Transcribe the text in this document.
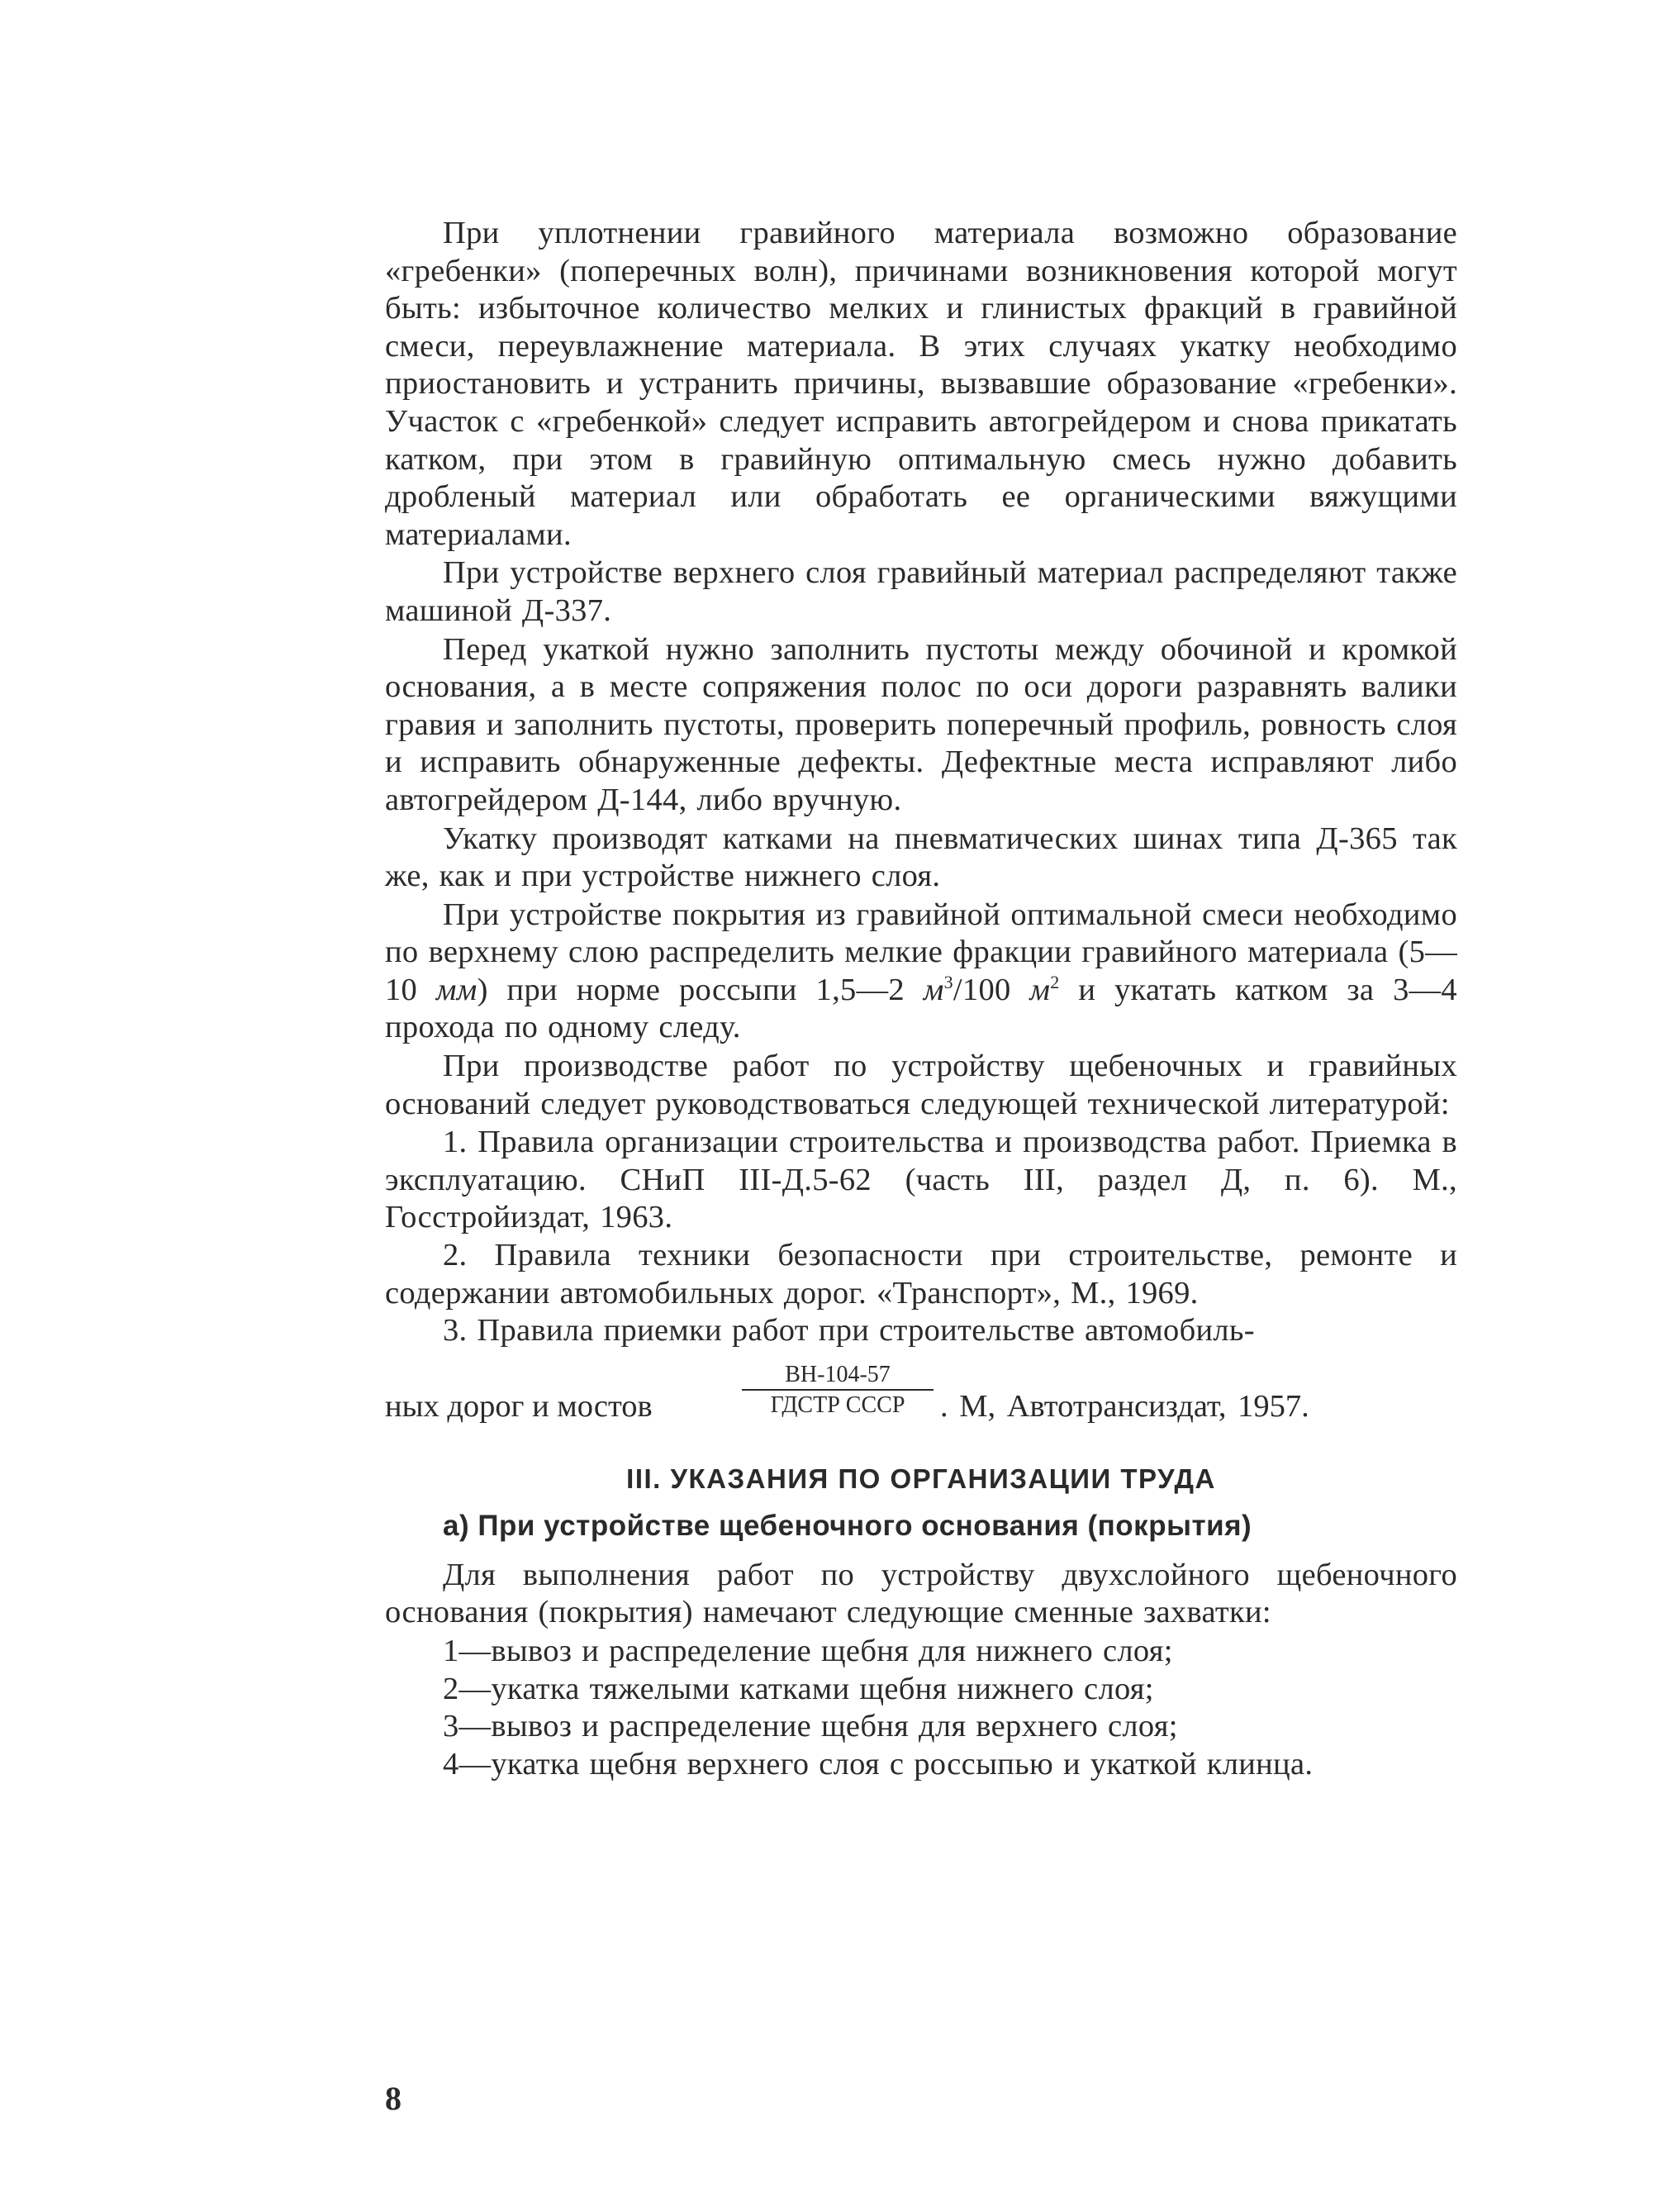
При уплотнении гравийного материала возможно образование «гребенки» (поперечных волн), причинами возникновения которой могут быть: избыточное количество мелких и глинистых фракций в гравийной смеси, переувлажнение материала. В этих случаях укатку необходимо приостановить и устранить причины, вызвавшие образование «гребенки». Участок с «гребенкой» следует исправить автогрейдером и снова прикатать катком, при этом в гравийную оптимальную смесь нужно добавить дробленый материал или обработать ее органическими вяжущими материалами.

При устройстве верхнего слоя гравийный материал распределяют также машиной Д-337.

Перед укаткой нужно заполнить пустоты между обочиной и кромкой основания, а в месте сопряжения полос по оси дороги разравнять валики гравия и заполнить пустоты, проверить поперечный профиль, ровность слоя и исправить обнаруженные дефекты. Дефектные места исправляют либо автогрейдером Д-144, либо вручную.

Укатку производят катками на пневматических шинах типа Д-365 так же, как и при устройстве нижнего слоя.

При устройстве покрытия из гравийной оптимальной смеси необходимо по верхнему слою распределить мелкие фракции гравийного материала (5—10 мм) при норме россыпи 1,5—2 $м^3/100$ $м^2$ и укатать катком за 3—4 прохода по одному следу.

При производстве работ по устройству щебеночных и гравийных оснований следует руководствоваться следующей технической литературой:

1. Правила организации строительства и производства работ. Приемка в эксплуатацию. СНиП III-Д.5-62 (часть III, раздел Д, п. 6). М., Госстройиздат, 1963.

2. Правила техники безопасности при строительстве, ремонте и содержании автомобильных дорог. «Транспорт», М., 1969.

3. Правила приемки работ при строительстве автомобиль-

ных дорог и мостов
ВН-104-57
ГДСТР СССР	. М, Автотрансиздат, 1957.
III. УКАЗАНИЯ ПО ОРГАНИЗАЦИИ ТРУДА
а) При устройстве щебеночного основания (покрытия)

Для выполнения работ по устройству двухслойного щебеночного основания (покрытия) намечают следующие сменные захватки:

1—вывоз и распределение щебня для нижнего слоя;

2—укатка тяжелыми катками щебня нижнего слоя;

3—вывоз и распределение щебня для верхнего слоя;

4—укатка щебня верхнего слоя с россыпью и укаткой клинца.

8
